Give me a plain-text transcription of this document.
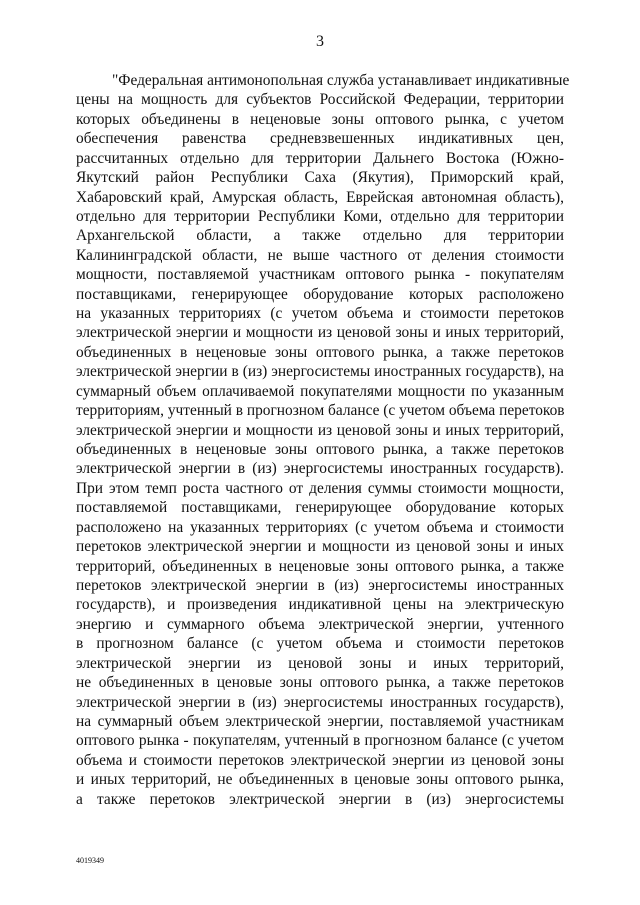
3
"Федеральная антимонопольная служба устанавливает индикативные
цены на мощность для субъектов Российской Федерации, территории
которых объединены в неценовые зоны оптового рынка, с учетом
обеспечения равенства средневзвешенных индикативных цен,
рассчитанных отдельно для территории Дальнего Востока (Южно-
Якутский район Республики Саха (Якутия), Приморский край,
Хабаровский край, Амурская область, Еврейская автономная область),
отдельно для территории Республики Коми, отдельно для территории
Архангельской области, а также отдельно для территории
Калининградской области, не выше частного от деления стоимости
мощности, поставляемой участникам оптового рынка - покупателям
поставщиками, генерирующее оборудование которых расположено
на указанных территориях (с учетом объема и стоимости перетоков
электрической энергии и мощности из ценовой зоны и иных территорий,
объединенных в неценовые зоны оптового рынка, а также перетоков
электрической энергии в (из) энергосистемы иностранных государств), на
суммарный объем оплачиваемой покупателями мощности по указанным
территориям, учтенный в прогнозном балансе (с учетом объема перетоков
электрической энергии и мощности из ценовой зоны и иных территорий,
объединенных в неценовые зоны оптового рынка, а также перетоков
электрической энергии в (из) энергосистемы иностранных государств).
При этом темп роста частного от деления суммы стоимости мощности,
поставляемой поставщиками, генерирующее оборудование которых
расположено на указанных территориях (с учетом объема и стоимости
перетоков электрической энергии и мощности из ценовой зоны и иных
территорий, объединенных в неценовые зоны оптового рынка, а также
перетоков электрической энергии в (из) энергосистемы иностранных
государств), и произведения индикативной цены на электрическую
энергию и суммарного объема электрической энергии, учтенного
в прогнозном балансе (с учетом объема и стоимости перетоков
электрической энергии из ценовой зоны и иных территорий,
не объединенных в ценовые зоны оптового рынка, а также перетоков
электрической энергии в (из) энергосистемы иностранных государств),
на суммарный объем электрической энергии, поставляемой участникам
оптового рынка - покупателям, учтенный в прогнозном балансе (с учетом
объема и стоимости перетоков электрической энергии из ценовой зоны
и иных территорий, не объединенных в ценовые зоны оптового рынка,
а также перетоков электрической энергии в (из) энергосистемы
4019349
